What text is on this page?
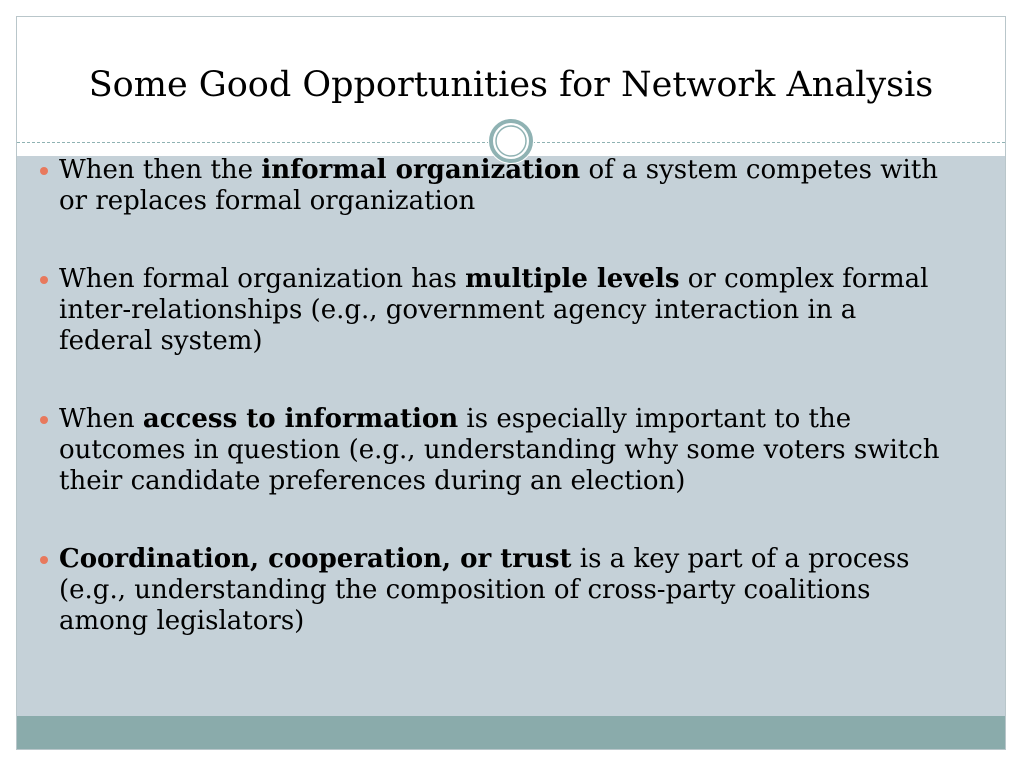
Some Good Opportunities for Network Analysis
When then the informal organization of a system competes with or replaces formal organization
When formal organization has multiple levels or complex formal inter-relationships (e.g., government agency interaction in a federal system)
When access to information is especially important to the outcomes in question (e.g., understanding why some voters switch their candidate preferences during an election)
Coordination, cooperation, or trust is a key part of a process (e.g., understanding the composition of cross-party coalitions among legislators)
